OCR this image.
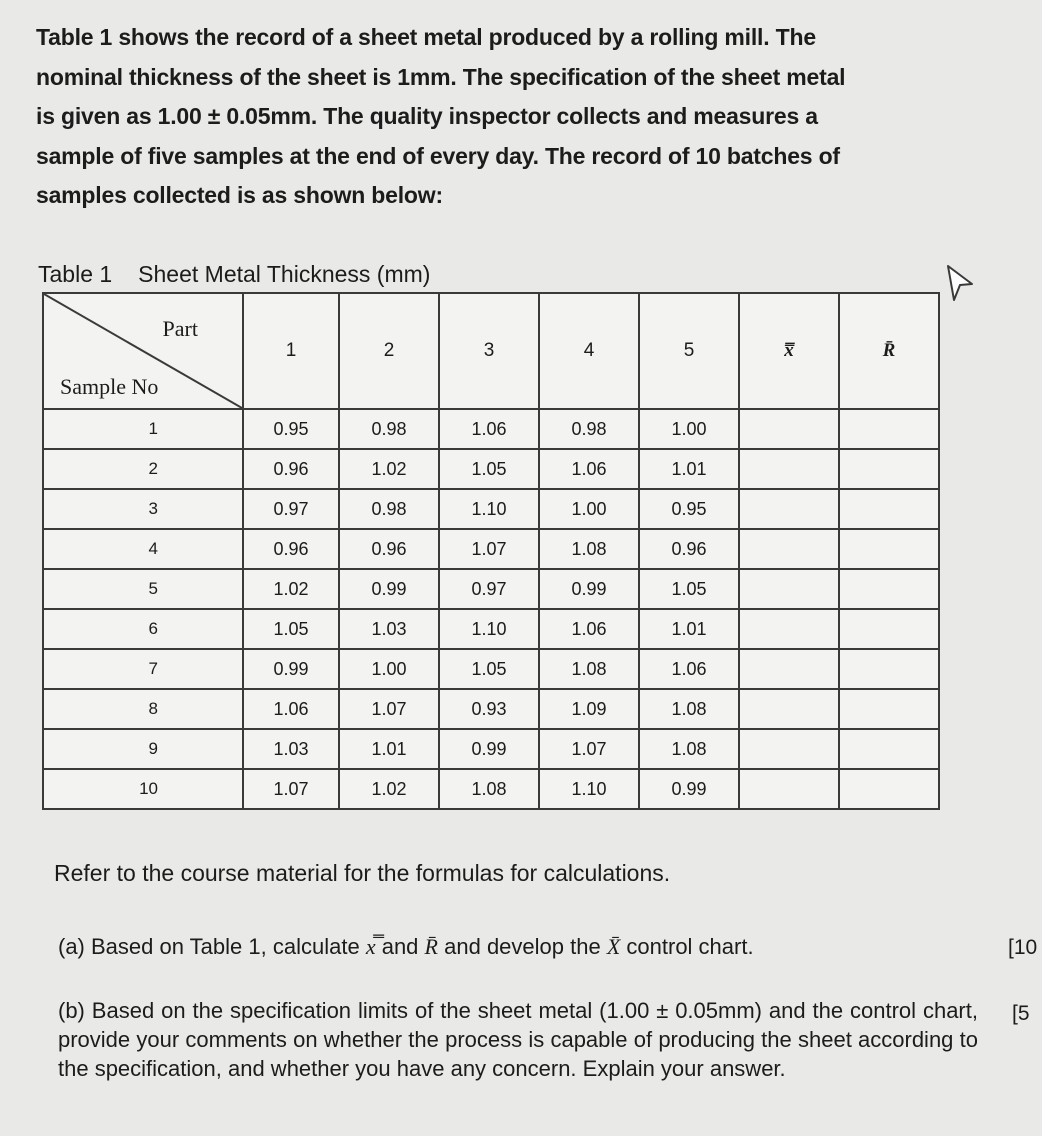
Table 1 shows the record of a sheet metal produced by a rolling mill. The
nominal thickness of the sheet is 1mm. The specification of the sheet metal
is given as 1.00 ± 0.05mm. The quality inspector collects and measures a
sample of five samples at the end of every day. The record of 10 batches of
samples collected is as shown below:
Table 1 Sheet Metal Thickness (mm)
Part
Sample No	1	2	3	4	5	x̿	R̄
1	0.95	0.98	1.06	0.98	1.00		
2	0.96	1.02	1.05	1.06	1.01		
3	0.97	0.98	1.10	1.00	0.95		
4	0.96	0.96	1.07	1.08	0.96		
5	1.02	0.99	0.97	0.99	1.05		
6	1.05	1.03	1.10	1.06	1.01		
7	0.99	1.00	1.05	1.08	1.06		
8	1.06	1.07	0.93	1.09	1.08		
9	1.03	1.01	0.99	1.07	1.08		
10	1.07	1.02	1.08	1.10	0.99		
Refer to the course material for the formulas for calculations.
(a) Based on Table 1, calculate x̿ and R̄ and develop the X̄ control chart.	[10
(b) Based on the specification limits of the sheet metal (1.00 ± 0.05mm) and the control chart, provide your comments on whether the process is capable of producing the sheet according to the specification, and whether you have any concern. Explain your answer.
[5
